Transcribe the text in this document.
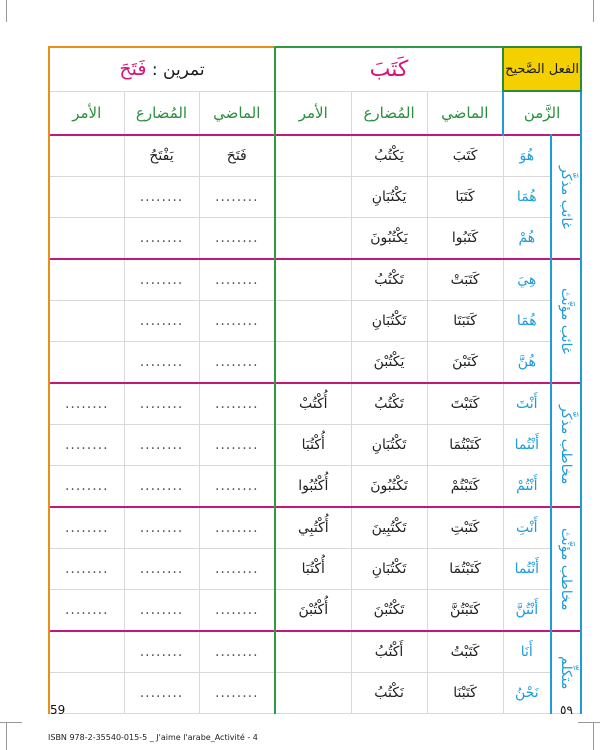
الفعل الصَّحيح		كَتَبَ			تمرين : فَتَحَ		
الزَّمن		الماضي	المُضارع	الأمر	الماضي	المُضارع	الأمر
غائب مذكَّر	هُوَ	كَتَبَ	يَكْتُبُ		فَتَحَ	يَفْتَحُ	
	هُمَا	كَتَبَا	يَكْتُبَانِ		........	........	
	هُمْ	كَتَبُوا	يَكْتُبُونَ		........	........	
غائب مؤنَّث	هِيَ	كَتَبَتْ	تَكْتُبُ		........	........	
	هُمَا	كَتَبَتَا	تَكْتُبَانِ		........	........	
	هُنَّ	كَتَبْنَ	يَكْتُبْنَ		........	........	
مخاطب مذكَّر	أَنْتَ	كَتَبْتَ	تَكْتُبُ	أُكْتُبْ	........	........	........
	أَنْتُما	كَتَبْتُمَا	تَكْتُبَانِ	أُكْتُبَا	........	........	........
	أَنْتُمْ	كَتَبْتُمْ	تَكْتُبُونَ	أُكْتُبُوا	........	........	........
مخاطب مؤنَّث	أَنْتِ	كَتَبْتِ	تَكْتُبِينَ	أُكْتُبِي	........	........	........
	أَنْتُما	كَتَبْتُمَا	تَكْتُبَانِ	أُكْتُبَا	........	........	........
	أَنْتُنَّ	كَتَبْتُنَّ	تَكْتُبْنَ	أُكْتُبْنَ	........	........	........
متكلِّم	أَنَا	كَتَبْتُ	أَكْتُبُ		........	........	
	نَحْنُ	كَتَبْنَا	نَكْتُبُ		........	........	
59	٥٩
ISBN 978-2-35540-015-5 _ J'aime l'arabe_Activité - 4
